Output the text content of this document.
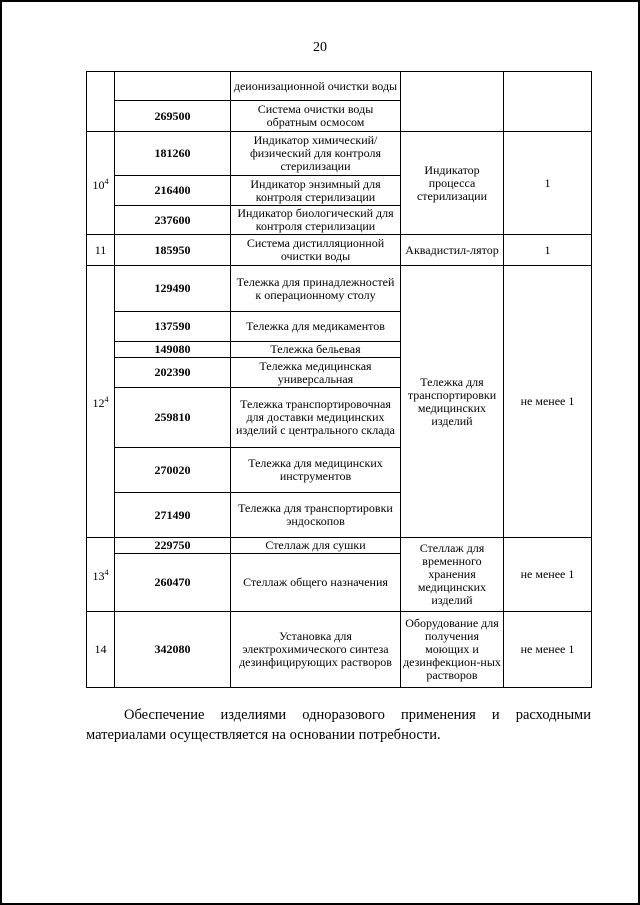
20
		деионизационной очистки воды		
	269500	Система очистки воды обратным осмосом		
$10^4$	181260	Индикатор химический/физический для контроля стерилизации	Индикатор процесса стерилизации	1
	216400	Индикатор энзимный для контроля стерилизации		
	237600	Индикатор биологический для контроля стерилизации		
11	185950	Система дистилляционной очистки воды	Аквадистил-лятор	1
$12^4$	129490	Тележка для принадлежностей к операционному столу	Тележка для транспортировки медицинских изделий	не менее 1
	137590	Тележка для медикаментов		
	149080	Тележка бельевая		
	202390	Тележка медицинская универсальная		
	259810	Тележка транспортировочная для доставки медицинских изделий с центрального склада		
	270020	Тележка для медицинских инструментов		
	271490	Тележка для транспортировки эндоскопов		
$13^4$	229750	Стеллаж для сушки	Стеллаж для временного хранения медицинских изделий	не менее 1
	260470	Стеллаж общего назначения		
14	342080	Установка для электрохимического синтеза дезинфицирующих растворов	Оборудование для получения моющих и дезинфекцион-ных растворов	не менее 1

Обеспечение изделиями одноразового применения и расходными
материалами осуществляется на основании потребности.
